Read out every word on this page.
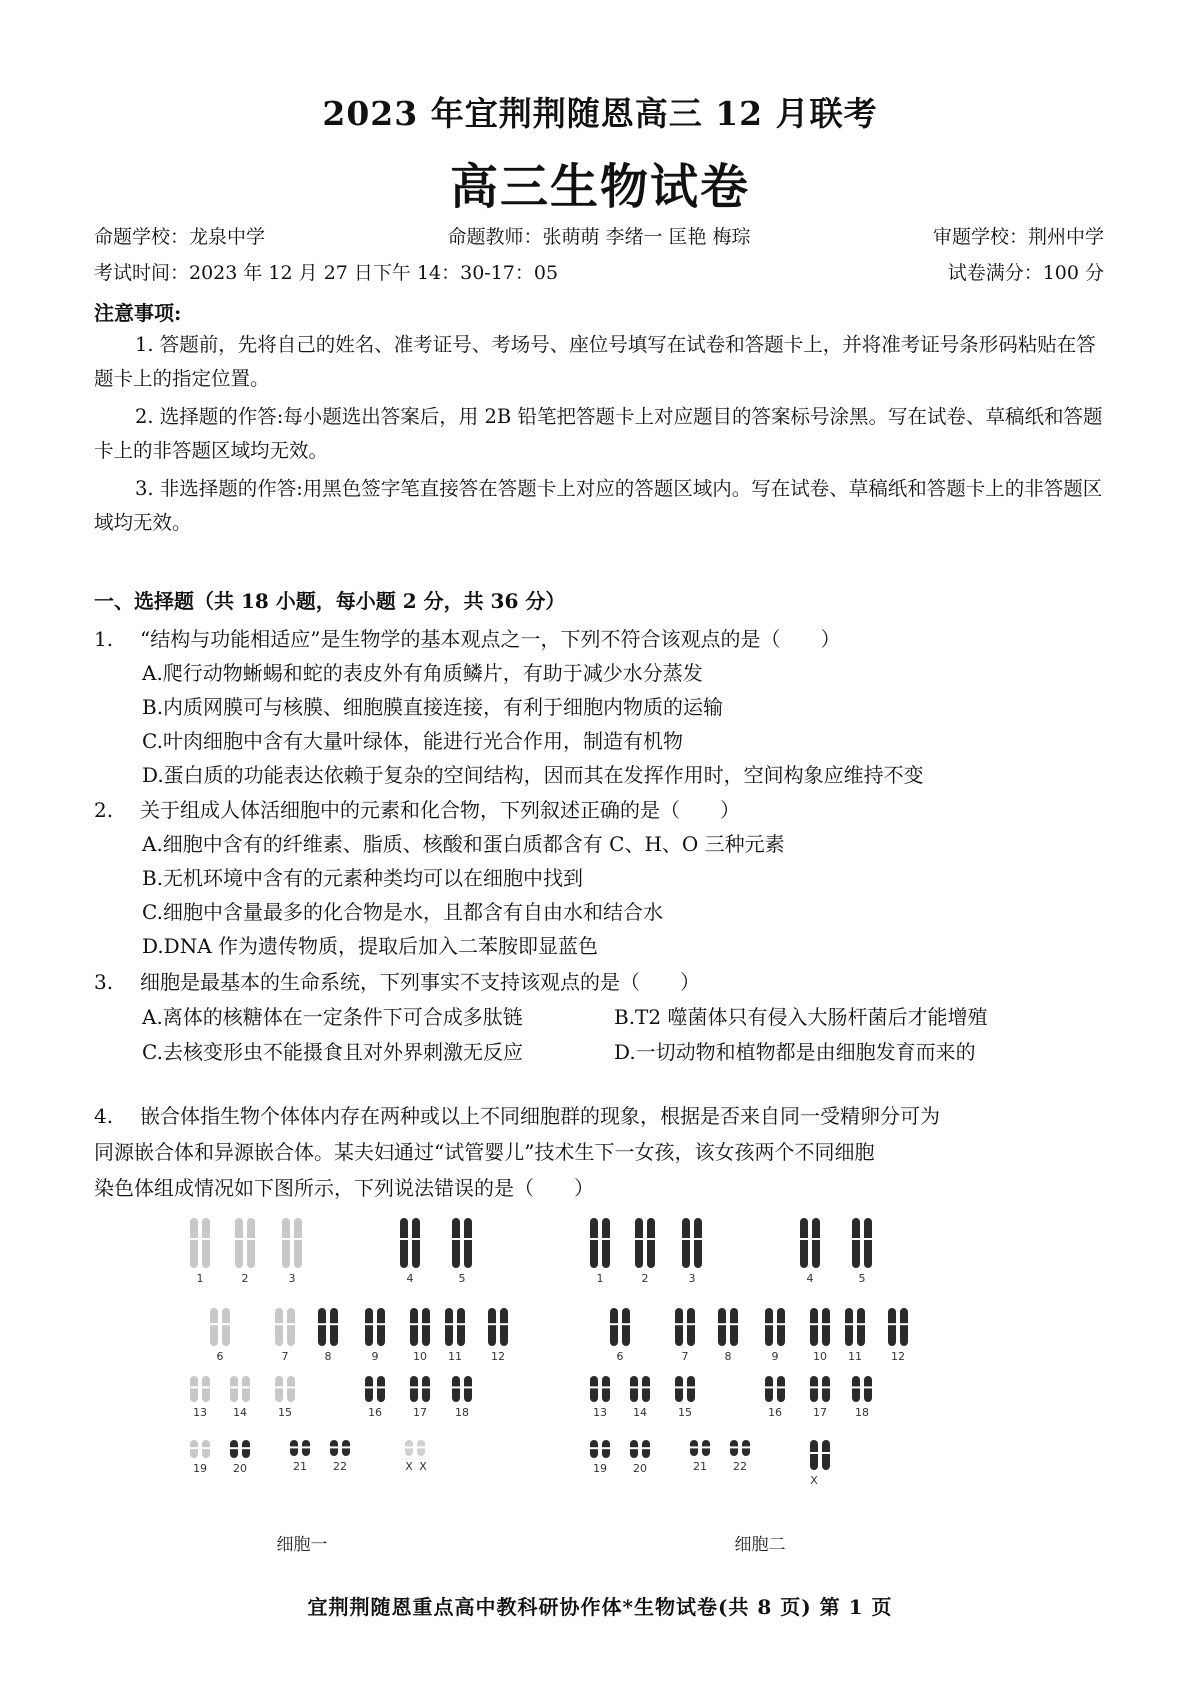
2023 年宜荆荆随恩高三 12 月联考
高三生物试卷
命题学校：龙泉中学	命题教师：张萌萌 李绪一 匡艳 梅琮	审题学校：荆州中学
考试时间：2023 年 12 月 27 日下午 14：30-17：05	试卷满分：100 分
注意事项:
1. 答题前，先将自己的姓名、准考证号、考场号、座位号填写在试卷和答题卡上，并将准考证号条形码粘贴在答题卡上的指定位置。
2. 选择题的作答:每小题选出答案后，用 2B 铅笔把答题卡上对应题目的答案标号涂黑。写在试卷、草稿纸和答题卡上的非答题区域均无效。
3. 非选择题的作答:用黑色签字笔直接答在答题卡上对应的答题区域内。写在试卷、草稿纸和答题卡上的非答题区域均无效。
一、选择题（共 18 小题，每小题 2 分，共 36 分）
1. “结构与功能相适应”是生物学的基本观点之一，下列不符合该观点的是（　　）
A.爬行动物蜥蜴和蛇的表皮外有角质鳞片，有助于减少水分蒸发
B.内质网膜可与核膜、细胞膜直接连接，有利于细胞内物质的运输
C.叶肉细胞中含有大量叶绿体，能进行光合作用，制造有机物
D.蛋白质的功能表达依赖于复杂的空间结构，因而其在发挥作用时，空间构象应维持不变
2. 关于组成人体活细胞中的元素和化合物，下列叙述正确的是（　　）
A.细胞中含有的纤维素、脂质、核酸和蛋白质都含有 C、H、O 三种元素
B.无机环境中含有的元素种类均可以在细胞中找到
C.细胞中含量最多的化合物是水，且都含有自由水和结合水
D.DNA 作为遗传物质，提取后加入二苯胺即显蓝色
3. 细胞是最基本的生命系统，下列事实不支持该观点的是（　　）
A.离体的核糖体在一定条件下可合成多肽链	B.T2 噬菌体只有侵入大肠杆菌后才能增殖
C.去核变形虫不能摄食且对外界刺激无反应	D.一切动物和植物都是由细胞发育而来的
4. 嵌合体指生物个体体内存在两种或以上不同细胞群的现象，根据是否来自同一受精卵分可为
同源嵌合体和异源嵌合体。某夫妇通过“试管婴儿”技术生下一女孩，该女孩两个不同细胞
染色体组成情况如下图所示，下列说法错误的是（　　）
1	2	3	4	5
6	7	8	9	10 11	12
13 14	15	16	17	18
19 20	21 22	X X
1	2	3	4	5
6	7	8	9	10 11	12
13 14	15	16	17	18
19 20	21 22
X
细胞一	细胞二
宜荆荆随恩重点高中教科研协作体*生物试卷(共 8 页) 第 1 页
